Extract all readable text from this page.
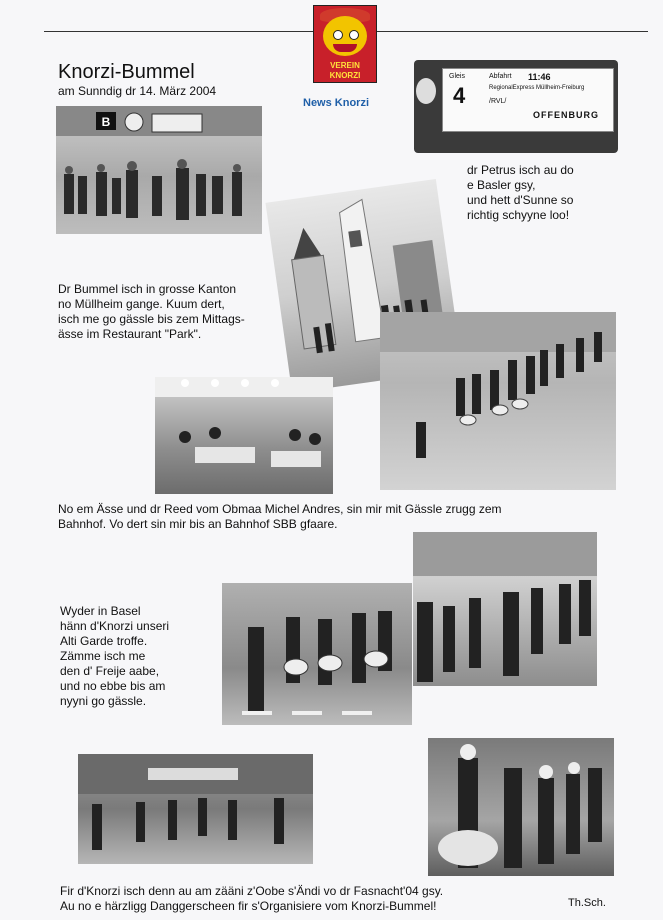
VEREIN
KNORZI
News Knorzi
Knorzi-Bummel
am Sunndig dr 14. März 2004
Gleis
4
Abfahrt 11:46
RegionalExpress Müllheim-Freiburg
/RVL/
OFFENBURG
B
dr Petrus isch au do
e Basler gsy,
und hett d'Sunne so
richtig schyyne loo!
Dr Bummel isch in grosse Kanton
no Müllheim gange. Kuum dert,
isch me go gässle bis zem Mittags-
ässe im Restaurant "Park".
No em Ässe und dr Reed vom Obmaa Michel Andres, sin mir mit Gässle zrugg zem
Bahnhof. Vo dert sin mir bis an Bahnhof SBB gfaare.
Wyder in Basel
hänn d'Knorzi unseri
Alti Garde troffe.
Zämme isch me
den d' Freije aabe,
und no ebbe bis am
nyyni go gässle.
Fir d'Knorzi isch denn au am zääni z'Oobe s'Ändi vo dr Fasnacht'04 gsy.
Au no e härzligg Danggerscheen fir s'Organisiere vom Knorzi-Bummel!	Th.Sch.
